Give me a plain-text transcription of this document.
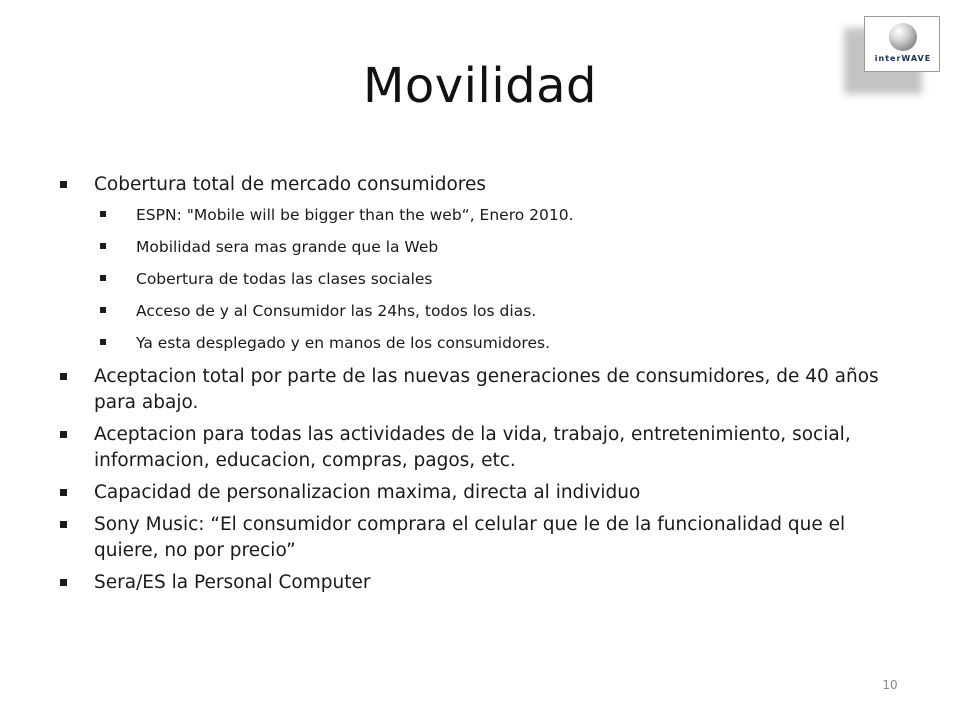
Movilidad	interWAVE
Cobertura total de mercado consumidores
ESPN: "Mobile will be bigger than the web“, Enero 2010.
Mobilidad sera mas grande que la Web
Cobertura de todas las clases sociales
Acceso de y al Consumidor las 24hs, todos los dias.
Ya esta desplegado y en manos de los consumidores.
Aceptacion total por parte de las nuevas generaciones de consumidores, de 40 años para abajo.
Aceptacion para todas las actividades de la vida, trabajo, entretenimiento, social, informacion, educacion, compras, pagos, etc.
Capacidad de personalizacion maxima, directa al individuo
Sony Music: “El consumidor comprara el celular que le de la funcionalidad que el quiere, no por precio”
Sera/ES la Personal Computer
10
